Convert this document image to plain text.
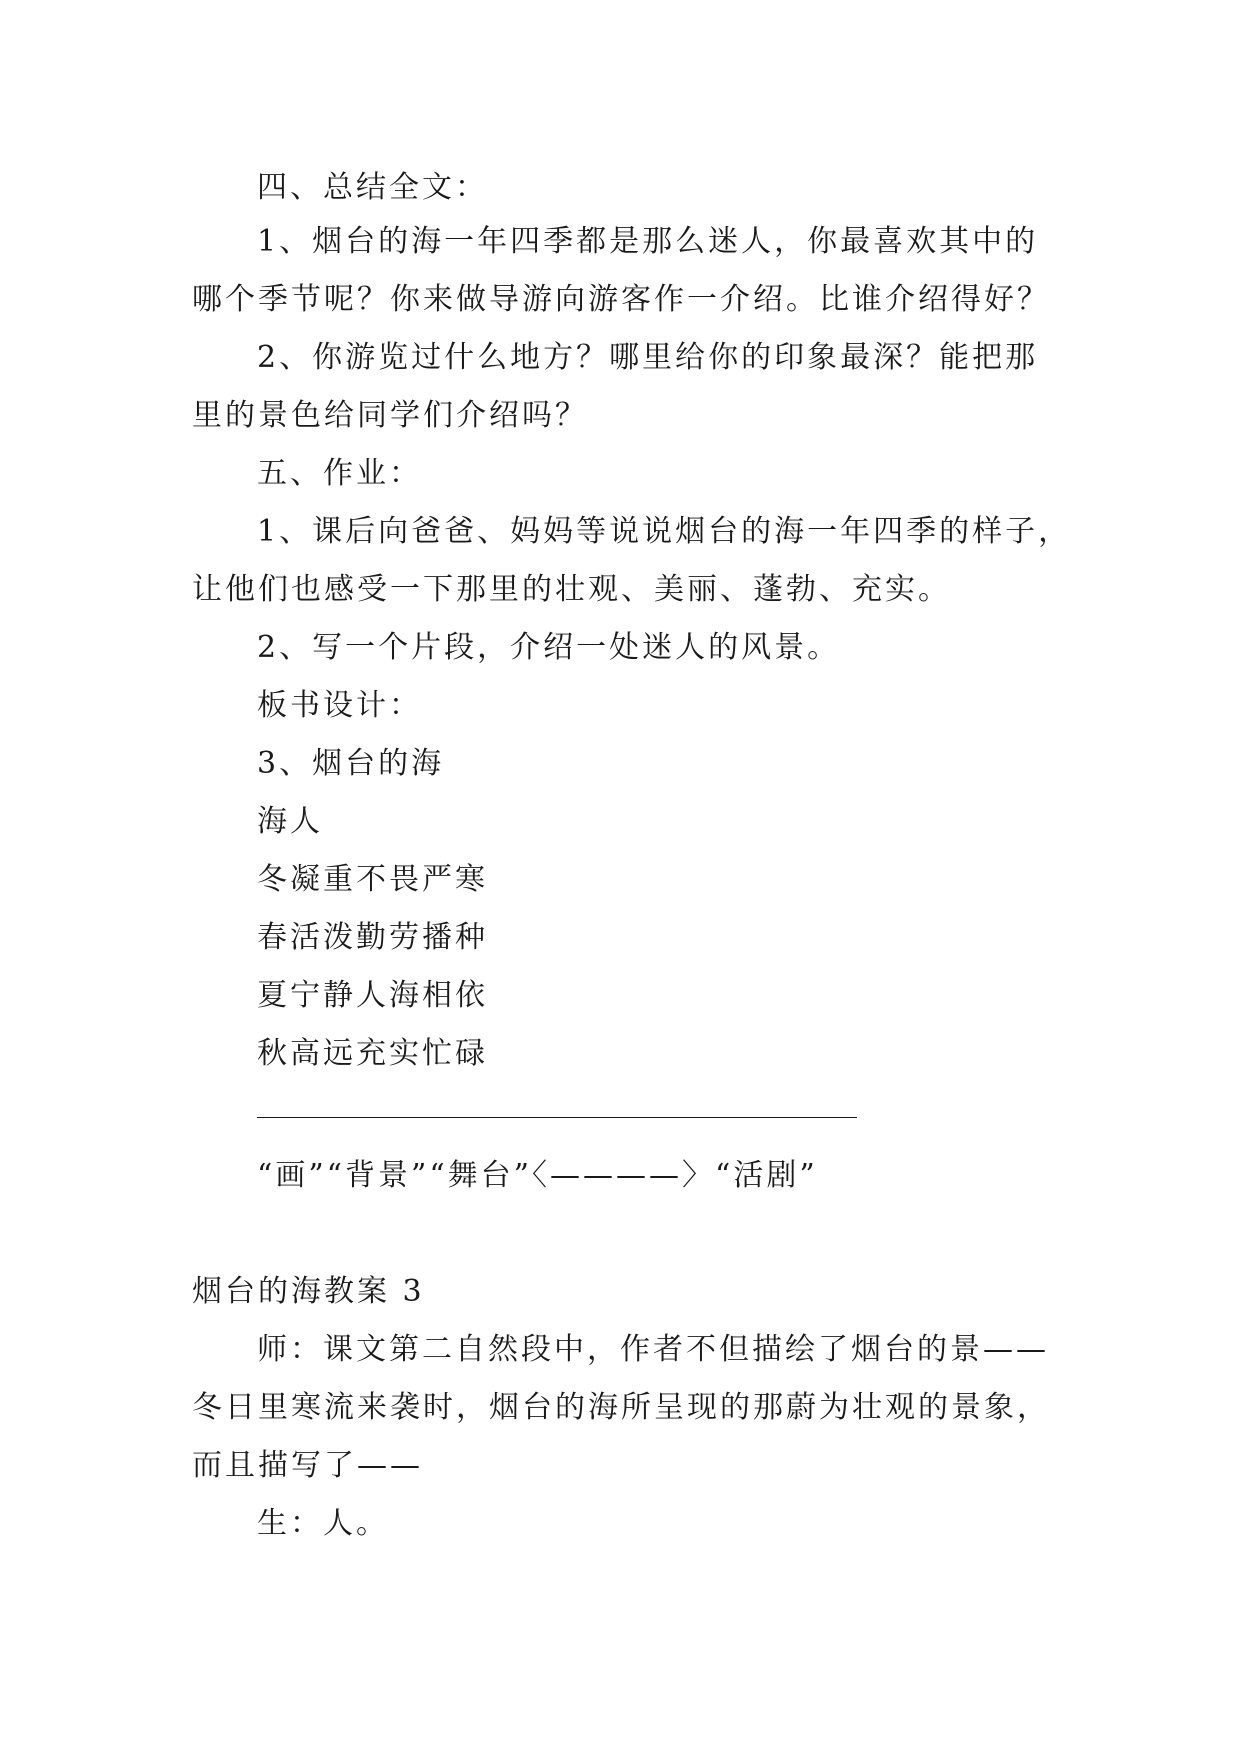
四、总结全文：
1、烟台的海一年四季都是那么迷人，你最喜欢其中的
哪个季节呢？你来做导游向游客作一介绍。比谁介绍得好？
2、你游览过什么地方？哪里给你的印象最深？能把那
里的景色给同学们介绍吗？
五、作业：
1、课后向爸爸、妈妈等说说烟台的海一年四季的样子，
让他们也感受一下那里的壮观、美丽、蓬勃、充实。
2、写一个片段，介绍一处迷人的风景。
板书设计：
3、烟台的海
海人
冬凝重不畏严寒
春活泼勤劳播种
夏宁静人海相依
秋高远充实忙碌
“画”“背景”“舞台”〈————〉“活剧”
烟台的海教案 3
师：课文第二自然段中，作者不但描绘了烟台的景——
冬日里寒流来袭时，烟台的海所呈现的那蔚为壮观的景象，
而且描写了——
生：人。
